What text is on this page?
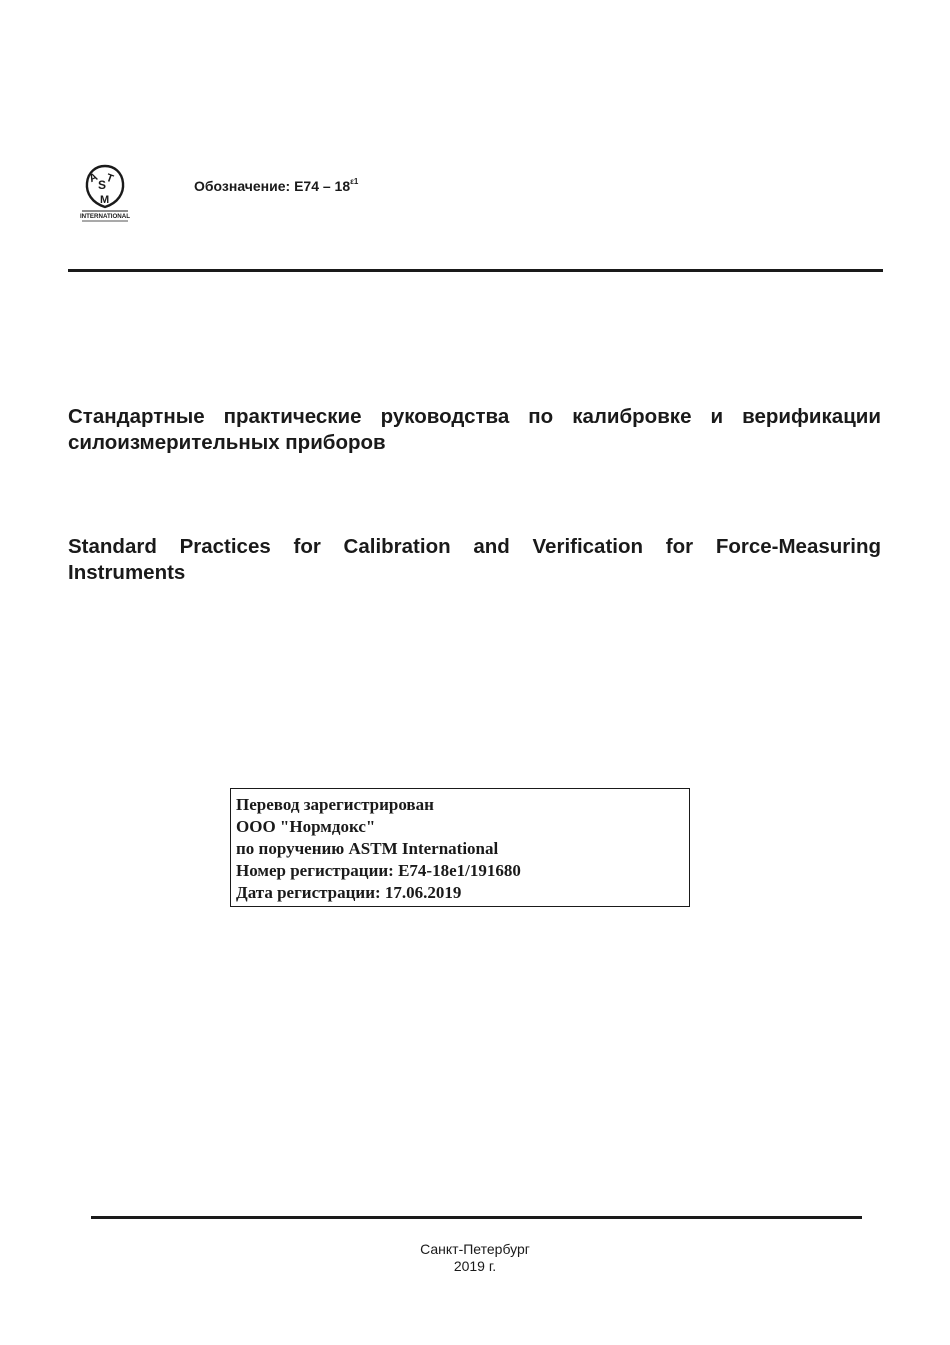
A
S
T
M
INTERNATIONAL
Обозначение: $E74 - 18^{\varepsilon 1}$
Стандартные практические руководства по калибровке и верификации силоизмерительных приборов
Standard Practices for Calibration and Verification for Force-Measuring Instruments
Перевод зарегистрирован
ООО "Нормдокс"
по поручению ASTM International
Номер регистрации: E74-18e1/191680
Дата регистрации: 17.06.2019
Санкт-Петербург
2019 г.
